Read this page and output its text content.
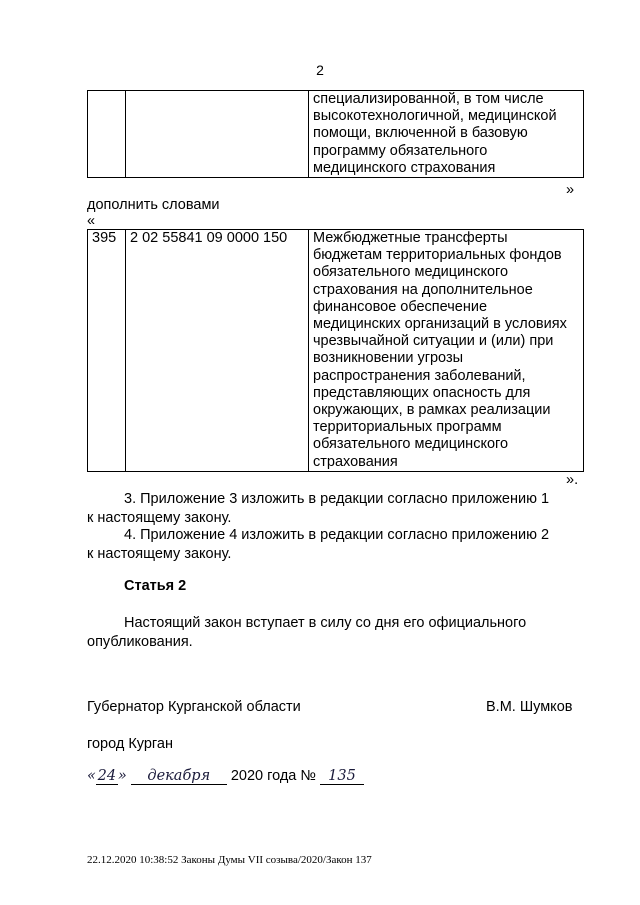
2

специализированной, в том числе
высокотехнологичной, медицинской
помощи, включенной в базовую
программу обязательного
медицинского страхования
»
дополнить словами
«
395	2 02 55841 09 0000 150	Межбюджетные трансферты
бюджетам территориальных фондов
обязательного медицинского
страхования на дополнительное
финансовое обеспечение
медицинских организаций в условиях
чрезвычайной ситуации и (или) при
возникновении угрозы
распространения заболеваний,
представляющих опасность для
окружающих, в рамках реализации
территориальных программ
обязательного медицинского
страхования
».
3. Приложение 3 изложить в редакции согласно приложению 1
к настоящему закону.
4. Приложение 4 изложить в редакции согласно приложению 2
к настоящему закону.
Статья 2
Настоящий закон вступает в силу со дня его официального
опубликования.
Губернатор Курганской области	В.М. Шумков
город Курган
« 24 » декабря 2020 года № 135
22.12.2020 10:38:52 Законы Думы VII созыва/2020/Закон 137
